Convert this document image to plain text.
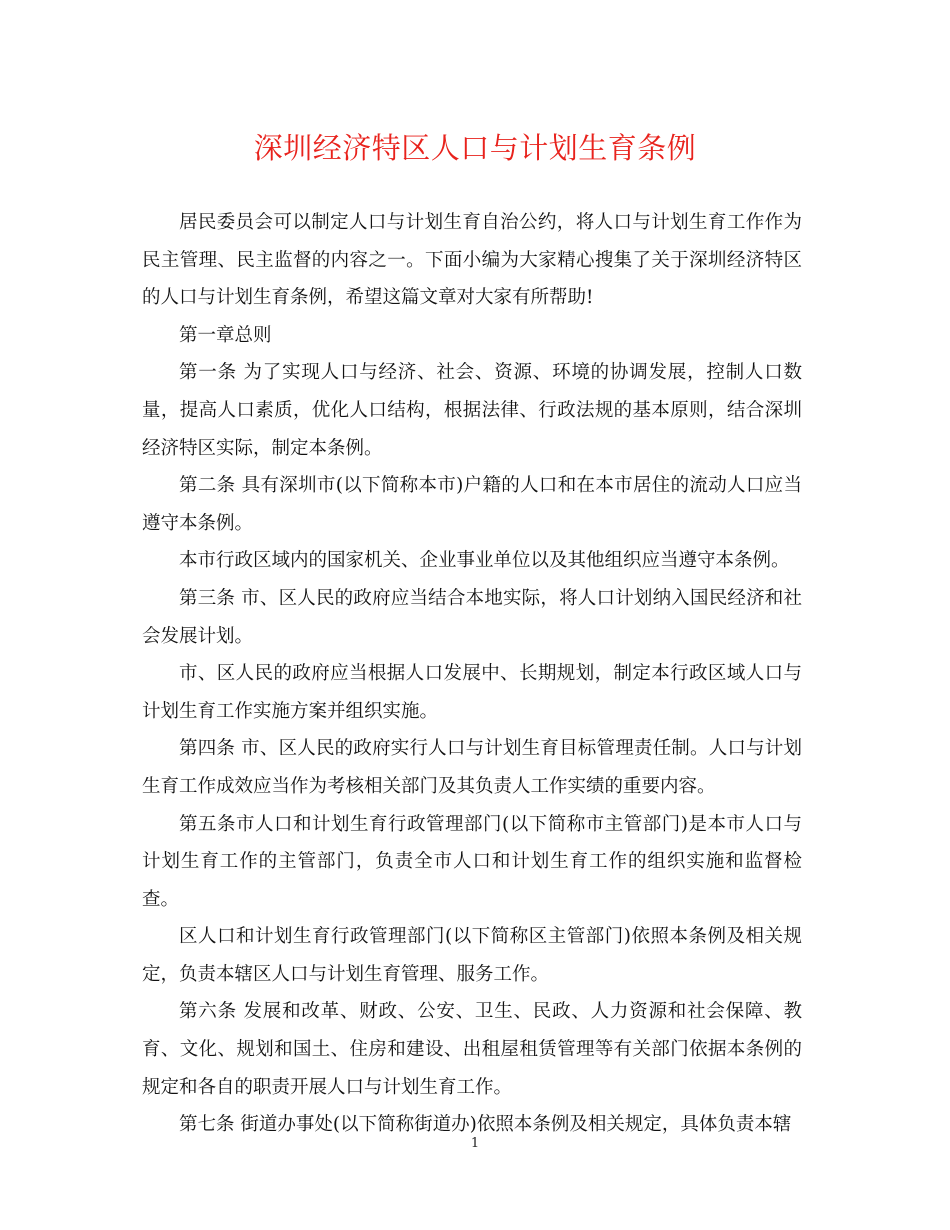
深圳经济特区人口与计划生育条例

居民委员会可以制定人口与计划生育自治公约，将人口与计划生育工作作为民主管理、民主监督的内容之一。下面小编为大家精心搜集了关于深圳经济特区的人口与计划生育条例，希望这篇文章对大家有所帮助!

第一章总则

第一条 为了实现人口与经济、社会、资源、环境的协调发展，控制人口数量，提高人口素质，优化人口结构，根据法律、行政法规的基本原则，结合深圳经济特区实际，制定本条例。

第二条 具有深圳市(以下简称本市)户籍的人口和在本市居住的流动人口应当遵守本条例。

本市行政区域内的国家机关、企业事业单位以及其他组织应当遵守本条例。

第三条 市、区人民的政府应当结合本地实际，将人口计划纳入国民经济和社会发展计划。

市、区人民的政府应当根据人口发展中、长期规划，制定本行政区域人口与计划生育工作实施方案并组织实施。

第四条 市、区人民的政府实行人口与计划生育目标管理责任制。人口与计划生育工作成效应当作为考核相关部门及其负责人工作实绩的重要内容。

第五条市人口和计划生育行政管理部门(以下简称市主管部门)是本市人口与计划生育工作的主管部门，负责全市人口和计划生育工作的组织实施和监督检查。

区人口和计划生育行政管理部门(以下简称区主管部门)依照本条例及相关规定，负责本辖区人口与计划生育管理、服务工作。

第六条 发展和改革、财政、公安、卫生、民政、人力资源和社会保障、教育、文化、规划和国土、住房和建设、出租屋租赁管理等有关部门依据本条例的规定和各自的职责开展人口与计划生育工作。

第七条 街道办事处(以下简称街道办)依照本条例及相关规定，具体负责本辖

1
